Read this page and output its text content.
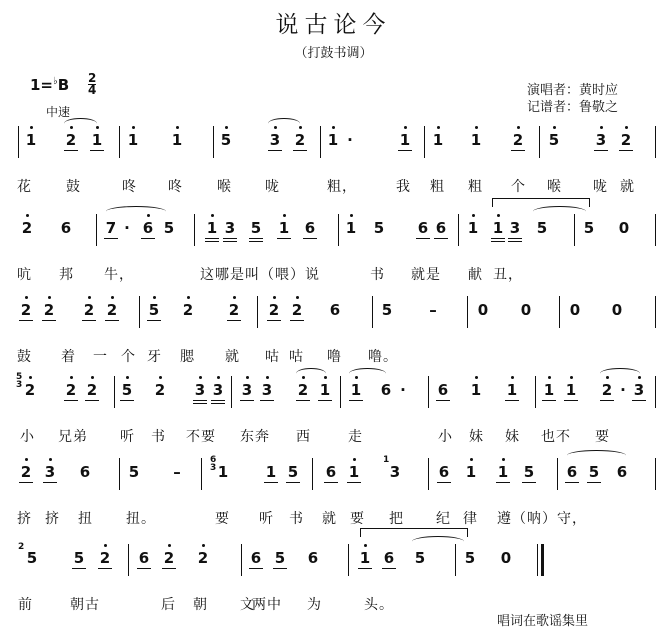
说古论今
（打鼓书调）
1=♭B 2
4
中速
演唱者：黄时应
记谱者：鲁敬之
1 2 1 1 1	5	3 2 1 ·	1 1 1 2 5 3 2
花 鼓	咚 咚 喉 咙	粗，	我 粗 粗 个 喉 咙 就
2 6 7 · 6 5 1 3 5 1 6 1 5 6 6 1 1 3 5 5 0
吭 邦 牛，	这哪是叫（喂）说	书 就是 献 丑，
2 2 2 2 5 2 2 2 2 6	5	–	0 0	0 0
鼓 着 一 个 牙 腮 就 咕 咕 噜 噜。
2 2 2 5 2 3 3 3 3 2 1 1 6 ·	6 1 1 1 1 2 · 3
5
3
小 兄弟 听 书 不要 东奔 西	走	小 妹 妹 也不 要
2 3 6	5	–	1	1 5 6 1 3	6 1 1 5 6 5 6
6
3
1
挤 挤 扭 扭。	要 听 书 就 要 把 纪 律 遵（呐）守，
5 5 2 6 2 2	6 5 6	1 6 5	5 0
2
前	朝古	后 朝 文
两中 为	头。
唱词在歌谣集里
